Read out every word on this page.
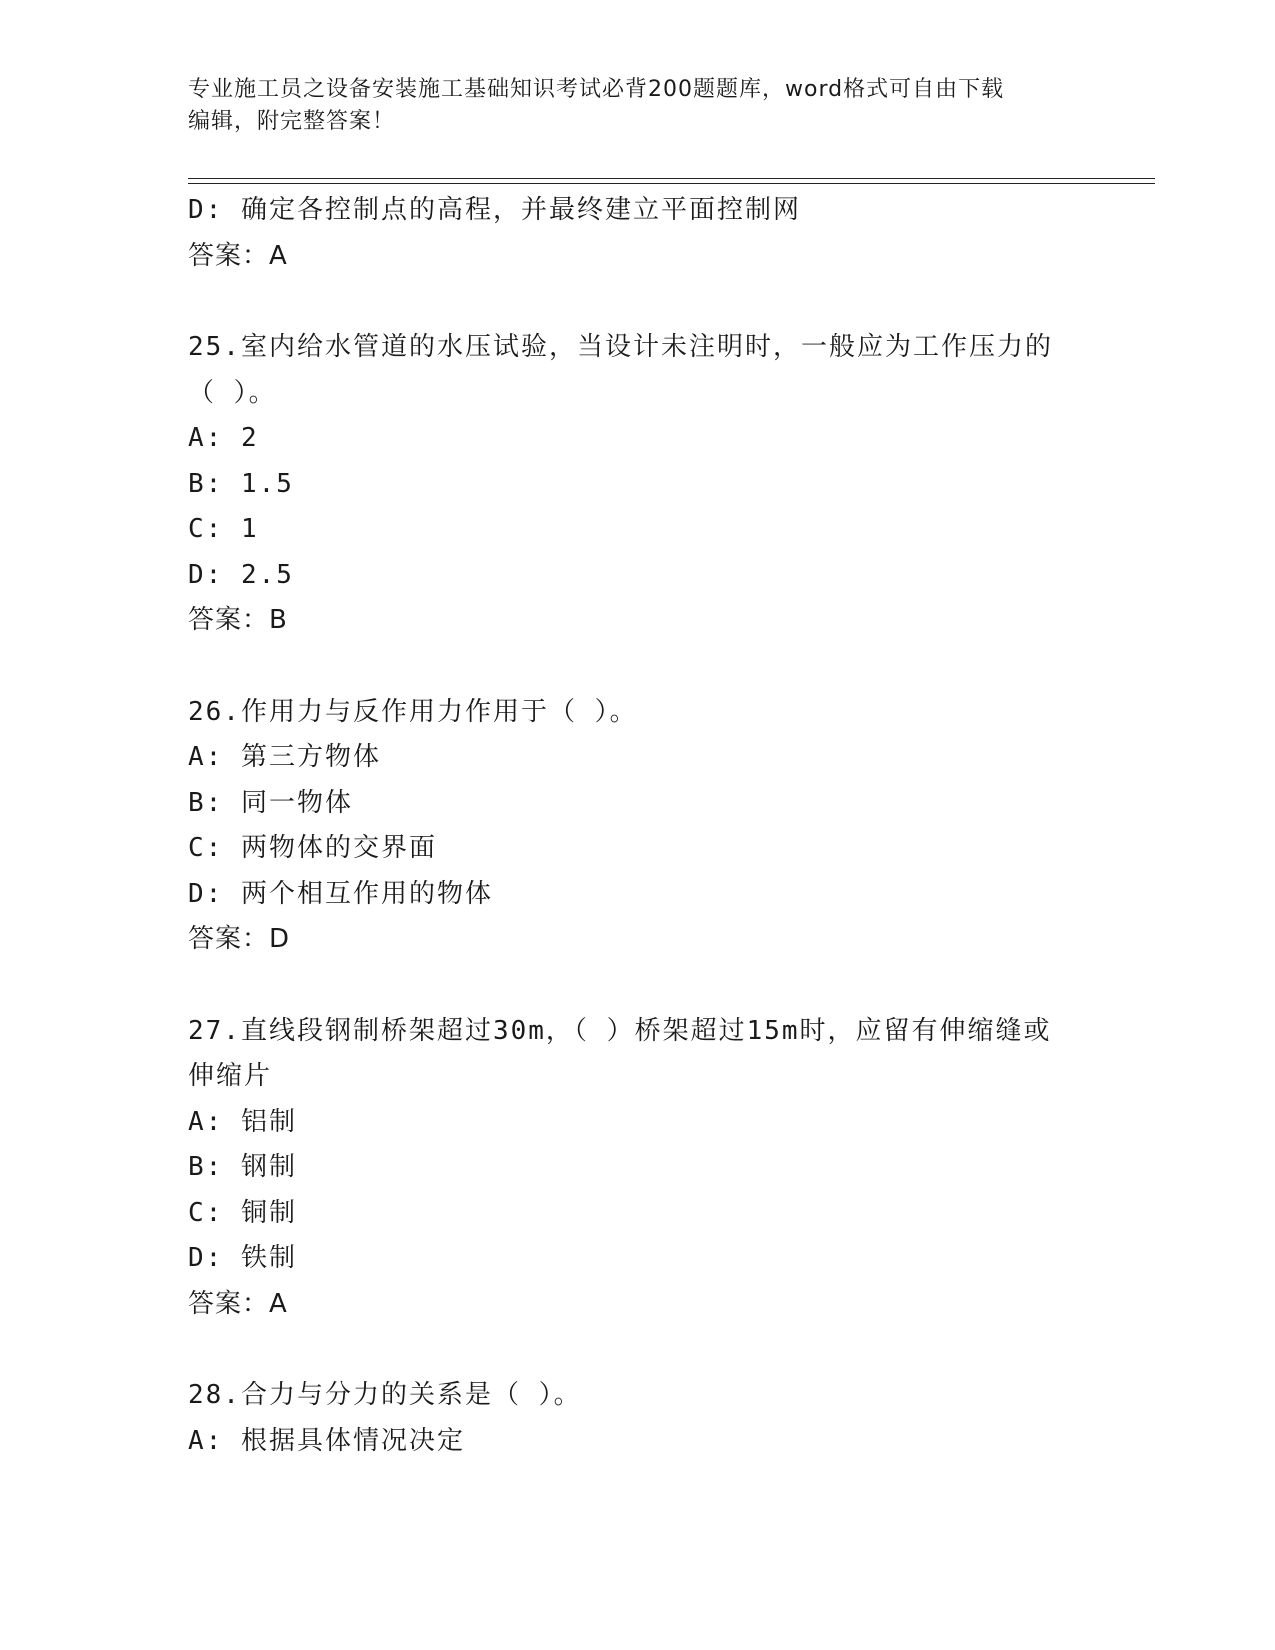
专业施工员之设备安装施工基础知识考试必背200题题库，word格式可自由下载
编辑，附完整答案！
D: 确定各控制点的高程，并最终建立平面控制网
答案：A
25.室内给水管道的水压试验，当设计未注明时，一般应为工作压力的
（ ）。
A: 2
B: 1.5
C: 1
D: 2.5
答案：B
26.作用力与反作用力作用于（ ）。
A: 第三方物体
B: 同一物体
C: 两物体的交界面
D: 两个相互作用的物体
答案：D
27.直线段钢制桥架超过30m，（ ）桥架超过15m时，应留有伸缩缝或
伸缩片
A: 铝制
B: 钢制
C: 铜制
D: 铁制
答案：A
28.合力与分力的关系是（ ）。
A: 根据具体情况决定
